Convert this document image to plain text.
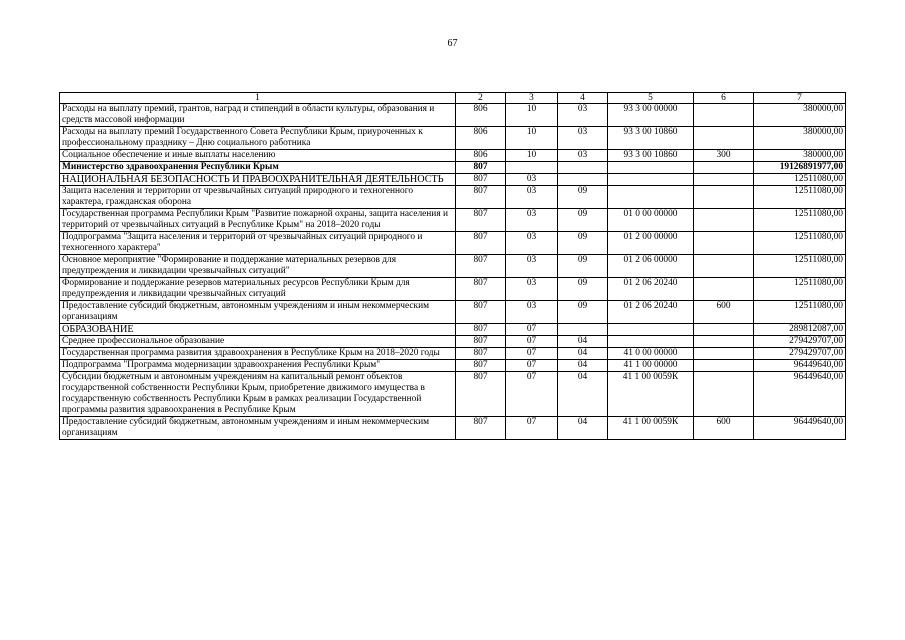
67
1	2	3	4	5	6	7
Расходы на выплату премий, грантов, наград и стипендий в области культуры, образования и средств массовой информации	806	10	03	93 3 00 00000		380000,00
Расходы на выплату премий Государственного Совета Республики Крым, приуроченных к профессиональному празднику – Дню социального работника	806	10	03	93 3 00 10860		380000,00
Социальное обеспечение и иные выплаты населению	806	10	03	93 3 00 10860	300	380000,00
Министерство здравоохранения Республики Крым	807					19126891977,00
НАЦИОНАЛЬНАЯ БЕЗОПАСНОСТЬ И ПРАВООХРАНИТЕЛЬНАЯ ДЕЯТЕЛЬНОСТЬ	807	03				12511080,00
Защита населения и территории от чрезвычайных ситуаций природного и техногенного характера, гражданская оборона	807	03	09			12511080,00
Государственная программа Республики Крым "Развитие пожарной охраны, защита населения и территорий от чрезвычайных ситуаций в Республике Крым" на 2018–2020 годы	807	03	09	01 0 00 00000		12511080,00
Подпрограмма "Защита населения и территорий от чрезвычайных ситуаций природного и техногенного характера"	807	03	09	01 2 00 00000		12511080,00
Основное мероприятие "Формирование и поддержание материальных резервов для предупреждения и ликвидации чрезвычайных ситуаций"	807	03	09	01 2 06 00000		12511080,00
Формирование и поддержание резервов материальных ресурсов Республики Крым для предупреждения и ликвидации чрезвычайных ситуаций	807	03	09	01 2 06 20240		12511080,00
Предоставление субсидий бюджетным, автономным учреждениям и иным некоммерческим организациям	807	03	09	01 2 06 20240	600	12511080,00
ОБРАЗОВАНИЕ	807	07				289812087,00
Среднее профессиональное образование	807	07	04			279429707,00
Государственная программа развития здравоохранения в Республике Крым на 2018–2020 годы	807	07	04	41 0 00 00000		279429707,00
Подпрограмма "Программа модернизации здравоохранения Республики Крым"	807	07	04	41 1 00 00000		96449640,00
Субсидии бюджетным и автономным учреждениям на капитальный ремонт объектов государственной собственности Республики Крым, приобретение движимого имущества в государственную собственность Республики Крым в рамках реализации Государственной программы развития здравоохранения в Республике Крым	807	07	04	41 1 00 0059К		96449640,00
Предоставление субсидий бюджетным, автономным учреждениям и иным некоммерческим организациям	807	07	04	41 1 00 0059К	600	96449640,00
